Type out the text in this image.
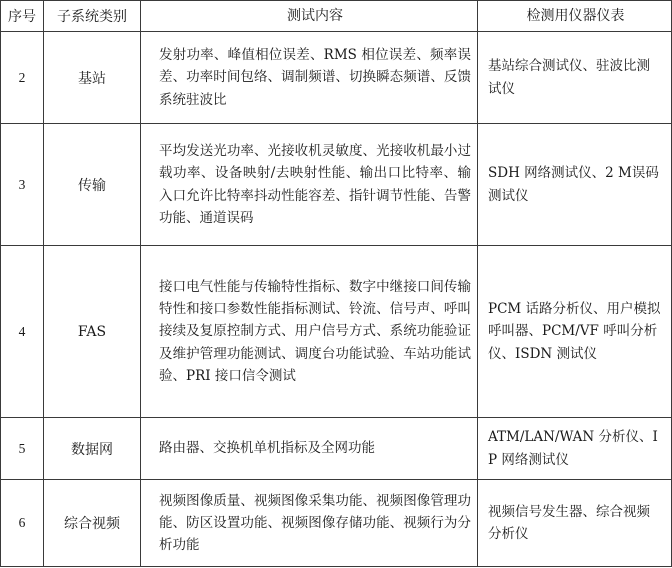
序号	子系统类别	测试内容	检测用仪器仪表
2	基站	发射功率、峰值相位误差、RMS 相位误差、频率误差、功率时间包络、调制频谱、切换瞬态频谱、反馈系统驻波比	基站综合测试仪、驻波比测试仪
3	传输	平均发送光功率、光接收机灵敏度、光接收机最小过载功率、设备映射/去映射性能、输出口比特率、输入口允许比特率抖动性能容差、指针调节性能、告警功能、通道误码	SDH 网络测试仪、2 M误码测试仪
4	FAS	接口电气性能与传输特性指标、数字中继接口间传输特性和接口参数性能指标测试、铃流、信号声、呼叫接续及复原控制方式、用户信号方式、系统功能验证及维护管理功能测试、调度台功能试验、车站功能试验、PRI 接口信令测试	PCM 话路分析仪、用户模拟呼叫器、PCM/VF 呼叫分析仪、ISDN 测试仪
5	数据网	路由器、交换机单机指标及全网功能	ATM/LAN/WAN 分析仪、IP 网络测试仪
6	综合视频	视频图像质量、视频图像采集功能、视频图像管理功能、防区设置功能、视频图像存储功能、视频行为分析功能	视频信号发生器、综合视频分析仪
